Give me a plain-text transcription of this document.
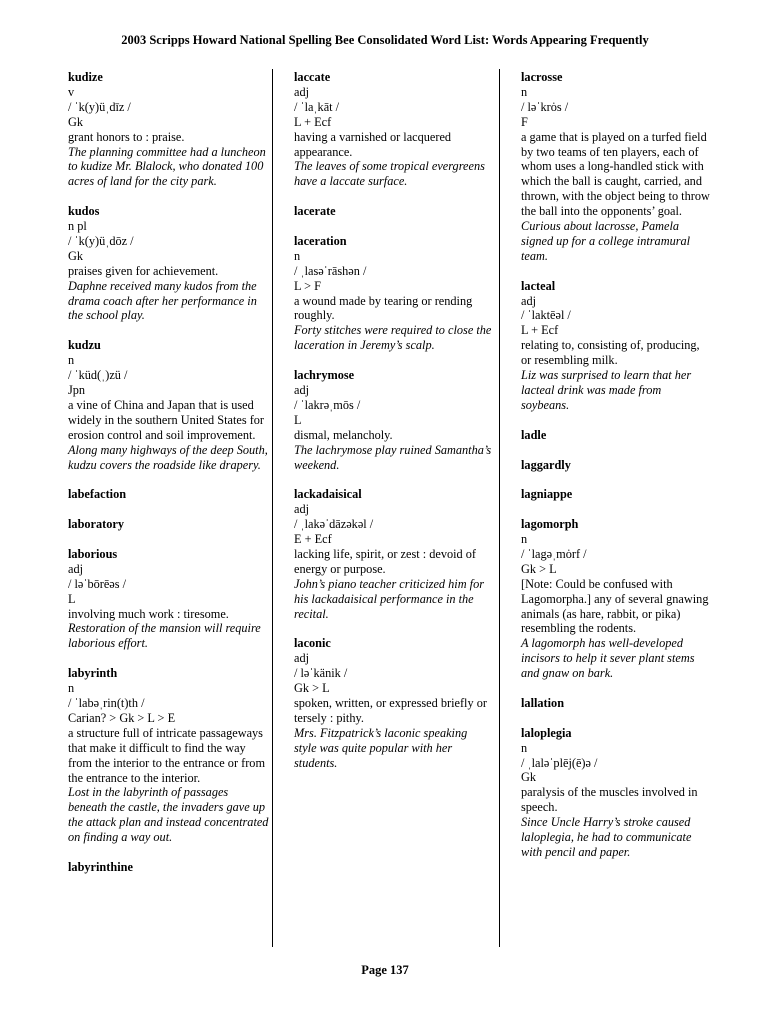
2003 Scripps Howard National Spelling Bee Consolidated Word List: Words Appearing Frequently
kudize
v
/ ˈk(y)üˌdīz /
Gk
grant honors to : praise.
The planning committee had a luncheon to kudize Mr. Blalock, who donated 100 acres of land for the city park.
kudos
n pl
/ ˈk(y)üˌdōz /
Gk
praises given for achievement.
Daphne received many kudos from the drama coach after her performance in the school play.
kudzu
n
/ ˈküd(ˌ)zü /
Jpn
a vine of China and Japan that is used widely in the southern United States for erosion control and soil improvement.
Along many highways of the deep South, kudzu covers the roadside like drapery.
labefaction
laboratory
laborious
adj
/ ləˈbōrēəs /
L
involving much work : tiresome.
Restoration of the mansion will require laborious effort.
labyrinth
n
/ ˈlabəˌrin(t)th /
Carian? > Gk > L > E
a structure full of intricate passageways that make it difficult to find the way from the interior to the entrance or from the entrance to the interior.
Lost in the labyrinth of passages beneath the castle, the invaders gave up the attack plan and instead concentrated on finding a way out.
labyrinthine
laccate
adj
/ ˈlaˌkāt /
L + Ecf
having a varnished or lacquered appearance.
The leaves of some tropical evergreens have a laccate surface.
lacerate
laceration
n
/ ˌlasəˈrāshən /
L > F
a wound made by tearing or rending roughly.
Forty stitches were required to close the laceration in Jeremy’s scalp.
lachrymose
adj
/ ˈlakrəˌmōs /
L
dismal, melancholy.
The lachrymose play ruined Samantha’s weekend.
lackadaisical
adj
/ ˌlakəˈdāzəkəl /
E + Ecf
lacking life, spirit, or zest : devoid of energy or purpose.
John’s piano teacher criticized him for his lackadaisical performance in the recital.
laconic
adj
/ ləˈkänik /
Gk > L
spoken, written, or expressed briefly or tersely : pithy.
Mrs. Fitzpatrick’s laconic speaking style was quite popular with her students.
lacrosse
n
/ ləˈkrȯs /
F
a game that is played on a turfed field by two teams of ten players, each of whom uses a long-handled stick with which the ball is caught, carried, and thrown, with the object being to throw the ball into the opponents’ goal.
Curious about lacrosse, Pamela signed up for a college intramural team.
lacteal
adj
/ ˈlaktēəl /
L + Ecf
relating to, consisting of, producing, or resembling milk.
Liz was surprised to learn that her lacteal drink was made from soybeans.
ladle
laggardly
lagniappe
lagomorph
n
/ ˈlagəˌmȯrf /
Gk > L
[Note: Could be confused with Lagomorpha.] any of several gnawing animals (as hare, rabbit, or pika) resembling the rodents.
A lagomorph has well-developed incisors to help it sever plant stems and gnaw on bark.
lallation
laloplegia
n
/ ˌlaləˈplēj(ē)ə /
Gk
paralysis of the muscles involved in speech.
Since Uncle Harry’s stroke caused laloplegia, he had to communicate with pencil and paper.
Page 137
